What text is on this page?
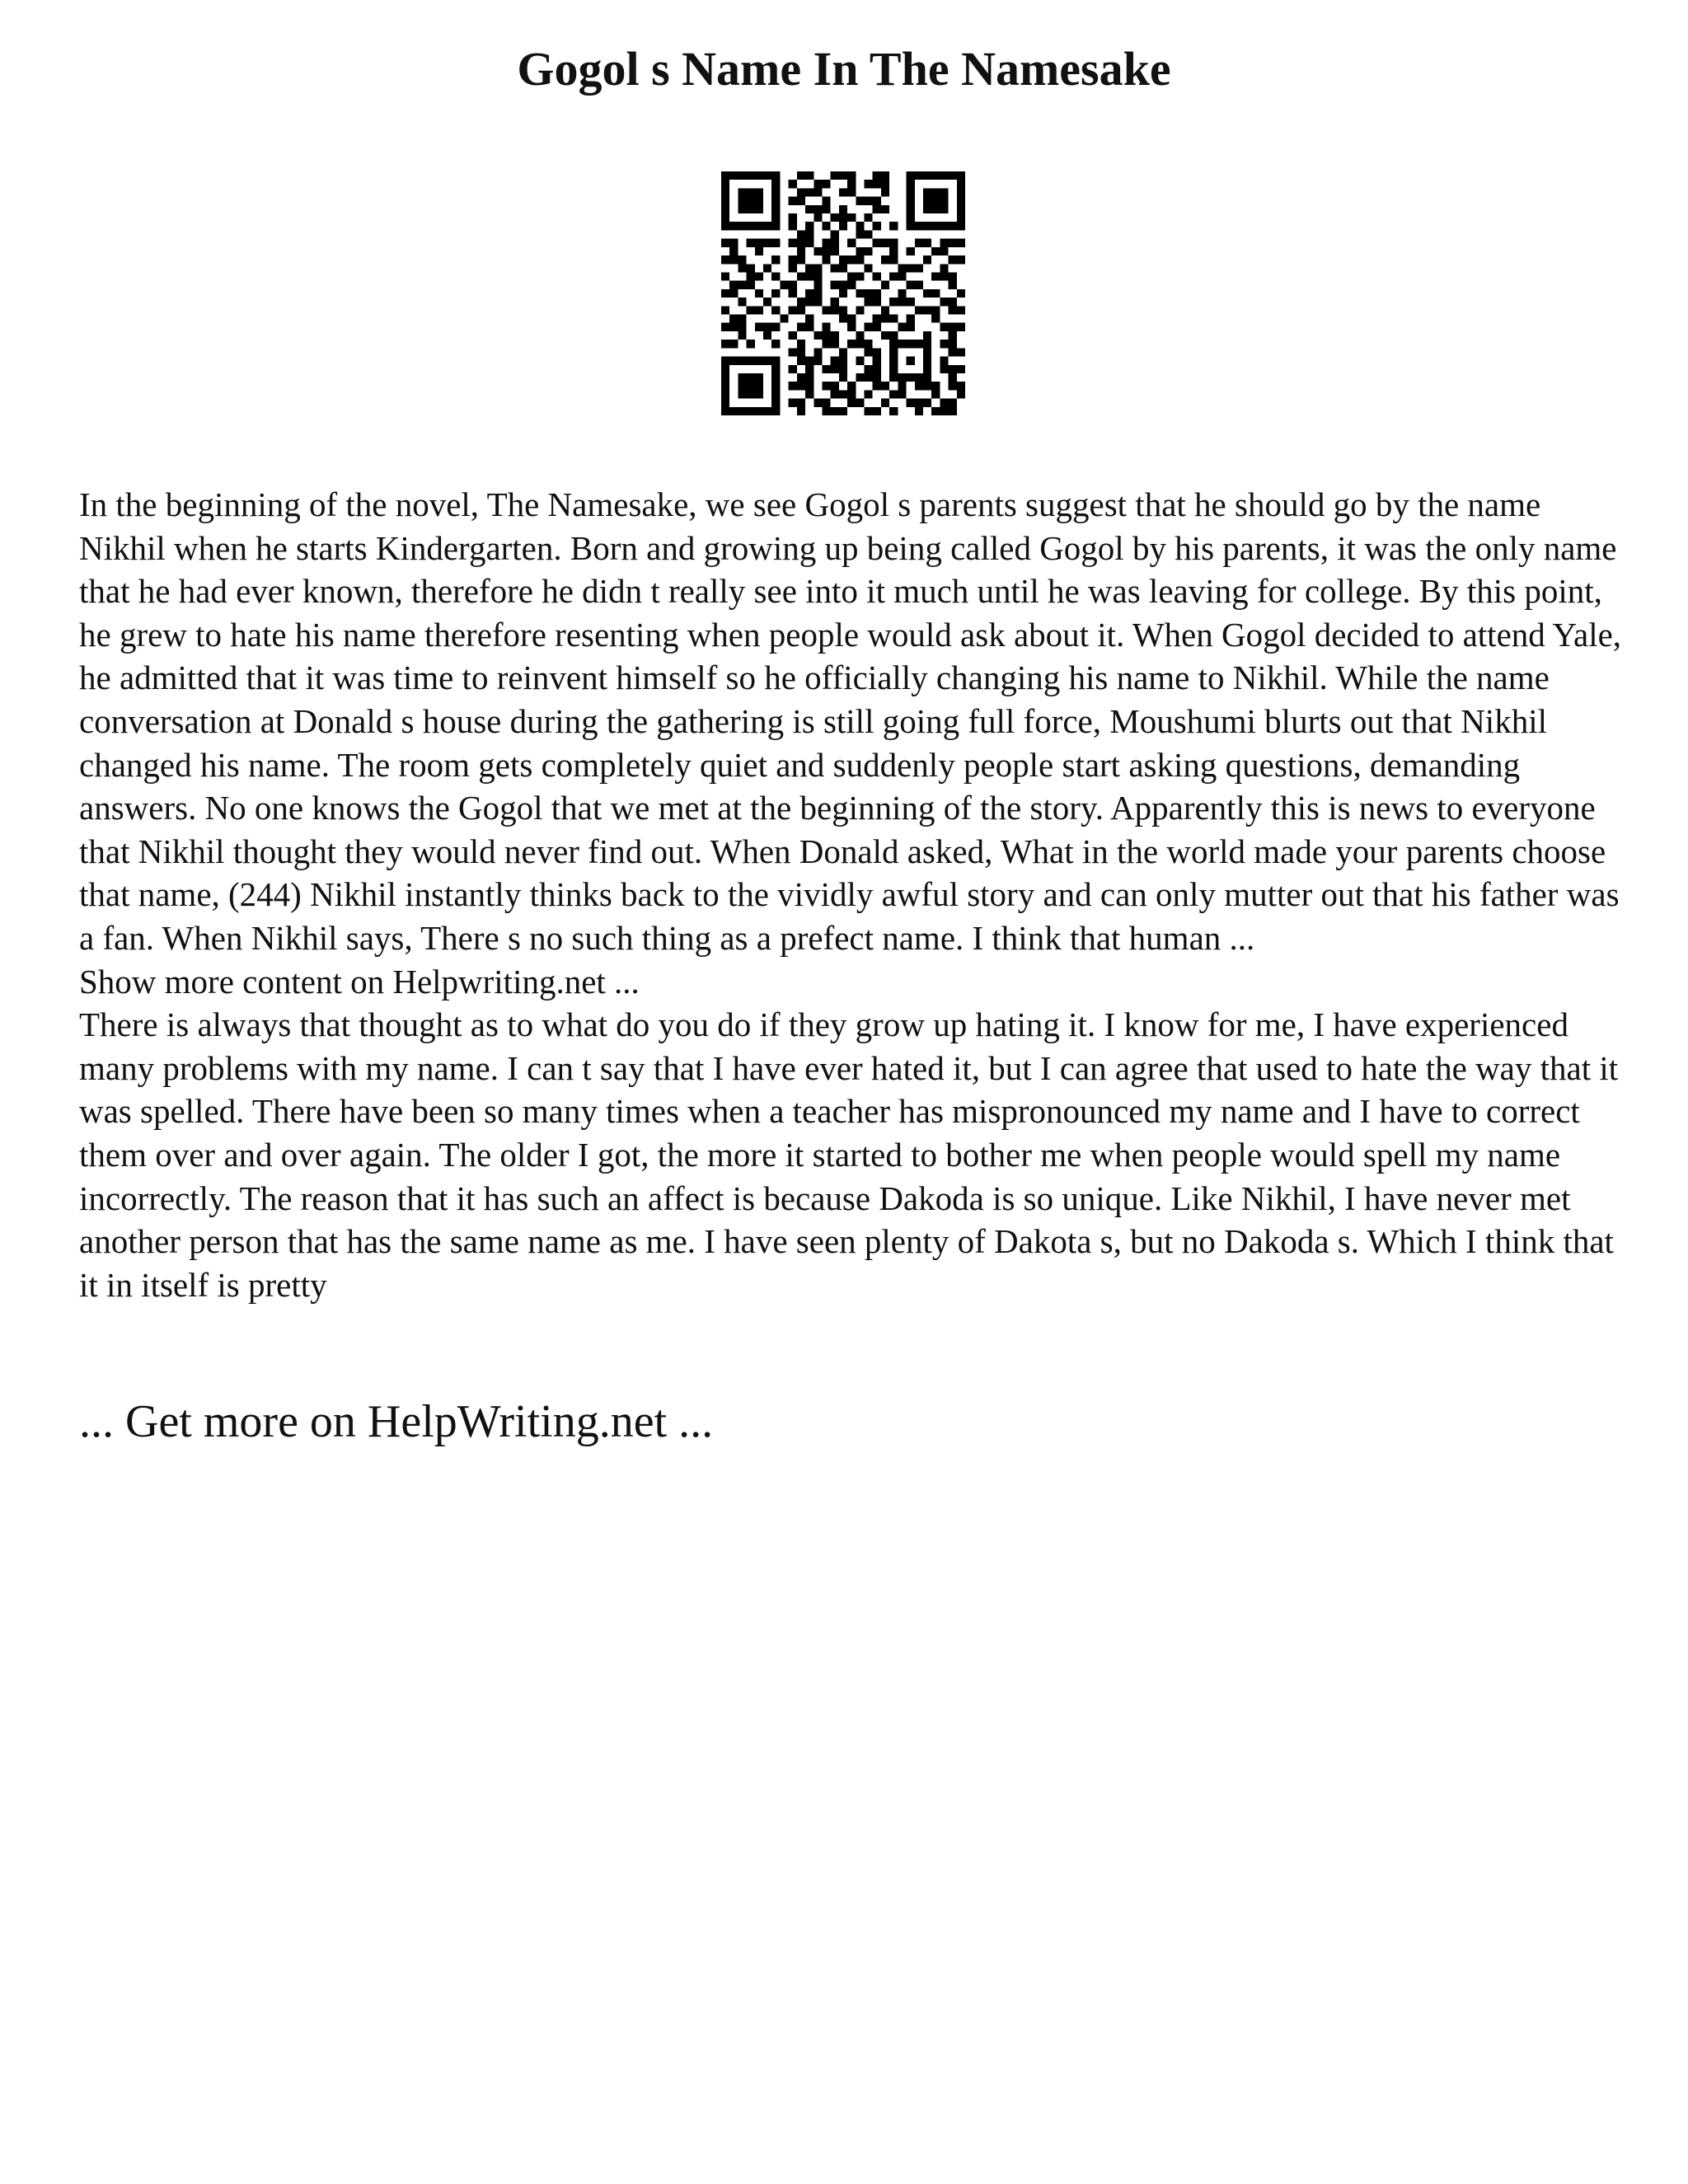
Gogol s Name In The Namesake

In the beginning of the novel, The Namesake, we see Gogol s parents suggest that he should go by the name Nikhil when he starts Kindergarten. Born and growing up being called Gogol by his parents, it was the only name that he had ever known, therefore he didn t really see into it much until he was leaving for college. By this point, he grew to hate his name therefore resenting when people would ask about it. When Gogol decided to attend Yale, he admitted that it was time to reinvent himself so he officially changing his name to Nikhil. While the name conversation at Donald s house during the gathering is still going full force, Moushumi blurts out that Nikhil changed his name. The room gets completely quiet and suddenly people start asking questions, demanding answers. No one knows the Gogol that we met at the beginning of the story. Apparently this is news to everyone that Nikhil thought they would never find out. When Donald asked, What in the world made your parents choose that name, (244) Nikhil instantly thinks back to the vividly awful story and can only mutter out that his father was a fan. When Nikhil says, There s no such thing as a prefect name. I think that human ...

Show more content on Helpwriting.net ...

There is always that thought as to what do you do if they grow up hating it. I know for me, I have experienced many problems with my name. I can t say that I have ever hated it, but I can agree that used to hate the way that it was spelled. There have been so many times when a teacher has mispronounced my name and I have to correct them over and over again. The older I got, the more it started to bother me when people would spell my name incorrectly. The reason that it has such an affect is because Dakoda is so unique. Like Nikhil, I have never met another person that has the same name as me. I have seen plenty of Dakota s, but no Dakoda s. Which I think that it in itself is pretty

... Get more on HelpWriting.net ...
